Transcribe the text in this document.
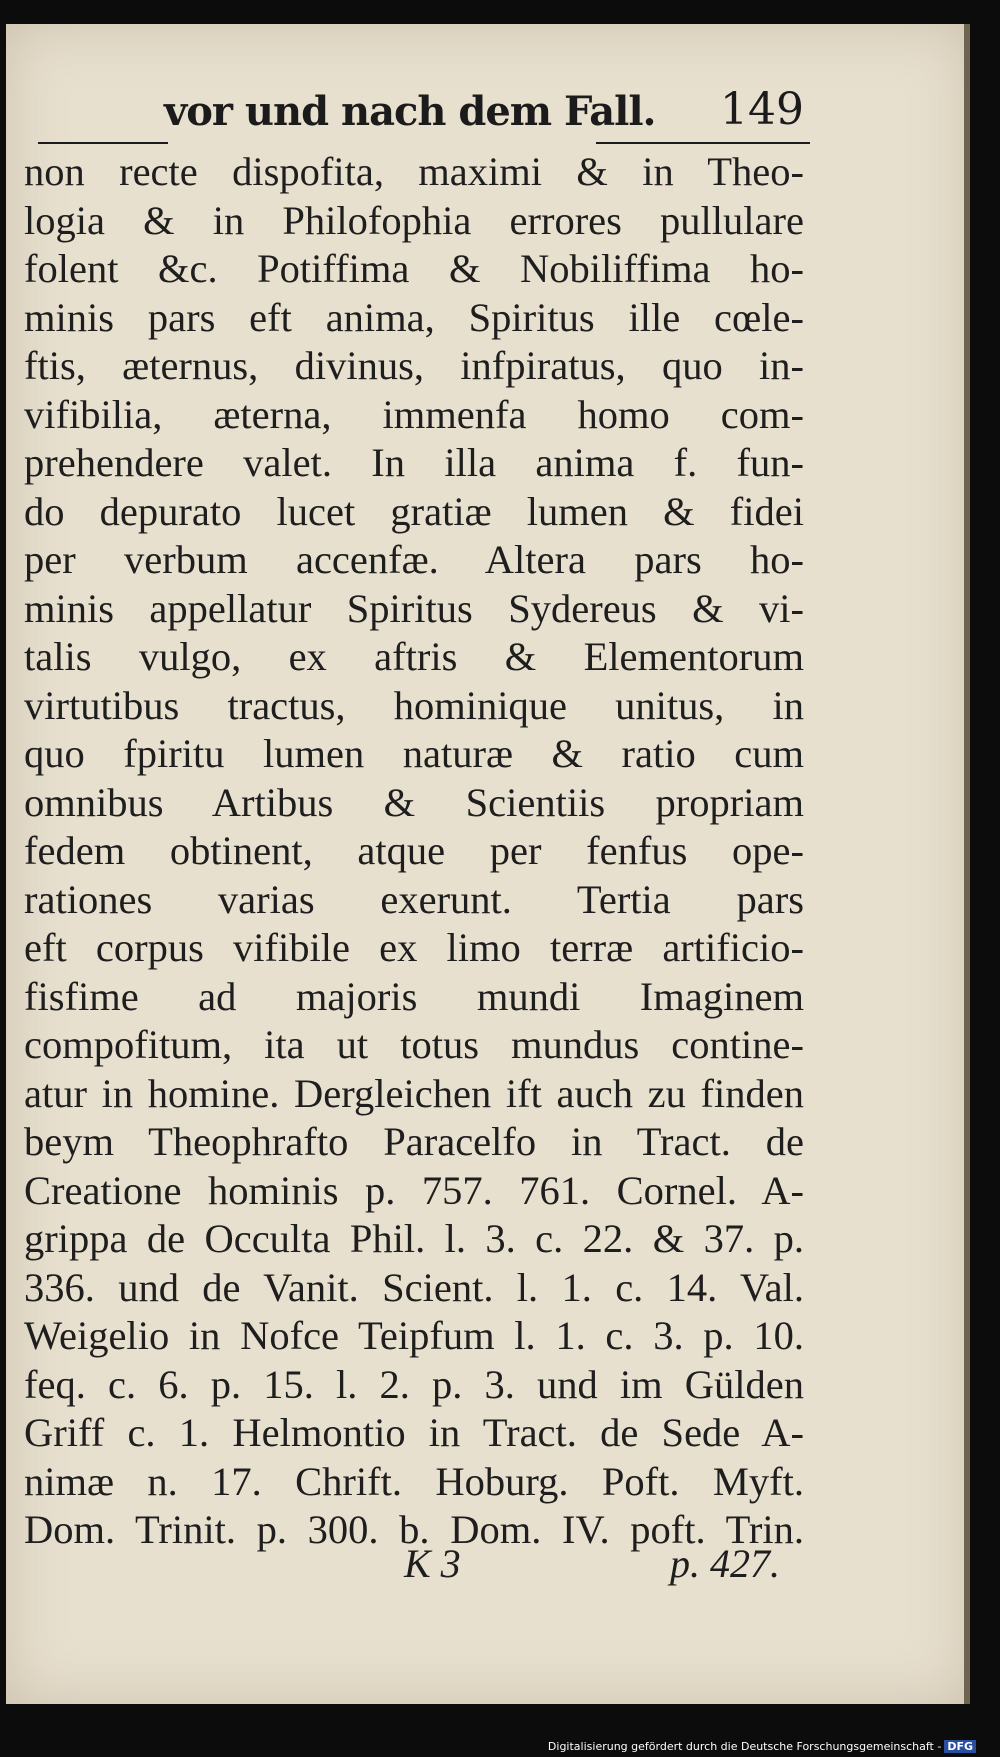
vor und nach dem Fall. 149
non recte dispofita, maximi & in Theo-
logia & in Philofophia errores pullulare
folent &c. Potiffima & Nobiliffima ho-
minis pars eft anima, Spiritus ille cœle-
ftis, æternus, divinus, infpiratus, quo in-
vifibilia, æterna, immenfa homo com-
prehendere valet. In illa anima f. fun-
do depurato lucet gratiæ lumen & fidei
per verbum accenfæ. Altera pars ho-
minis appellatur Spiritus Sydereus & vi-
talis vulgo, ex aftris & Elementorum
virtutibus tractus, hominique unitus, in
quo fpiritu lumen naturæ & ratio cum
omnibus Artibus & Scientiis propriam
fedem obtinent, atque per fenfus ope-
rationes varias exerunt. Tertia pars
eft corpus vifibile ex limo terræ artificio-
fisfime ad majoris mundi Imaginem
compofitum, ita ut totus mundus contine-
atur in homine. Dergleichen ift auch zu finden
beym Theophrafto Paracelfo in Tract. de
Creatione hominis p. 757. 761. Cornel. A-
grippa de Occulta Phil. l. 3. c. 22. & 37. p.
336. und de Vanit. Scient. l. 1. c. 14. Val.
Weigelio in Nofce Teipfum l. 1. c. 3. p. 10.
feq. c. 6. p. 15. l. 2. p. 3. und im Gülden
Griff c. 1. Helmontio in Tract. de Sede A-
nimæ n. 17. Chrift. Hoburg. Poft. Myft.
Dom. Trinit. p. 300. b. Dom. IV. poft. Trin.
K 3	p. 427.
Digitalisierung gefördert durch die Deutsche Forschungsgemeinschaft - DFG
